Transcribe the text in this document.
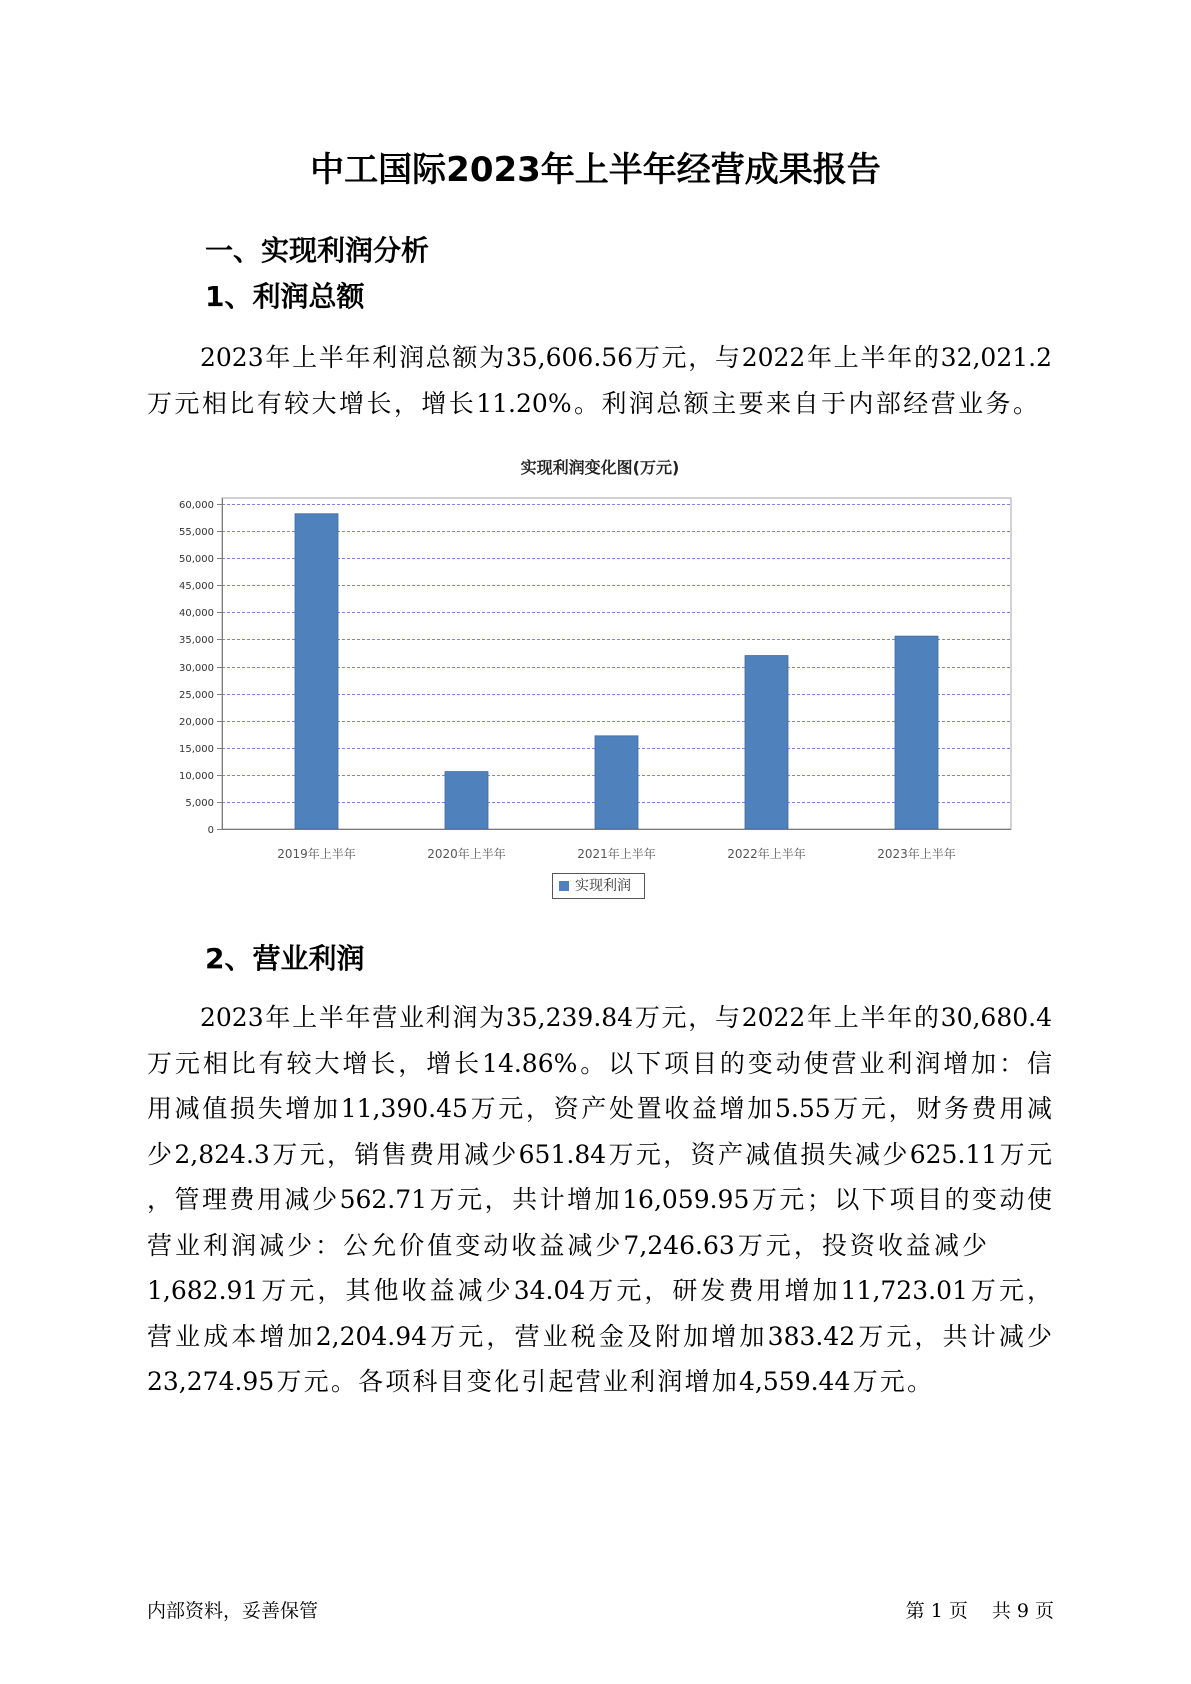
中工国际2023年上半年经营成果报告
一、实现利润分析
1、利润总额
2023年上半年利润总额为35,606.56万元，与2022年上半年的32,021.2
万元相比有较大增长，增长11.20%。利润总额主要来自于内部经营业务。
实现利润变化图(万元)
0
5,000
10,000
15,000
20,000
25,000
30,000
35,000
40,000
45,000
50,000
55,000
60,000
2019年上半年	2020年上半年	2021年上半年	2022年上半年	2023年上半年
实现利润
2、营业利润
2023年上半年营业利润为35,239.84万元，与2022年上半年的30,680.4
万元相比有较大增长，增长14.86%。以下项目的变动使营业利润增加：信
用减值损失增加11,390.45万元，资产处置收益增加5.55万元，财务费用减
少2,824.3万元，销售费用减少651.84万元，资产减值损失减少625.11万元
，管理费用减少562.71万元，共计增加16,059.95万元；以下项目的变动使
营业利润减少：公允价值变动收益减少7,246.63万元，投资收益减少
1,682.91万元，其他收益减少34.04万元，研发费用增加11,723.01万元，
营业成本增加2,204.94万元，营业税金及附加增加383.42万元，共计减少
23,274.95万元。各项科目变化引起营业利润增加4,559.44万元。
内部资料，妥善保管	第 1 页 共 9 页
